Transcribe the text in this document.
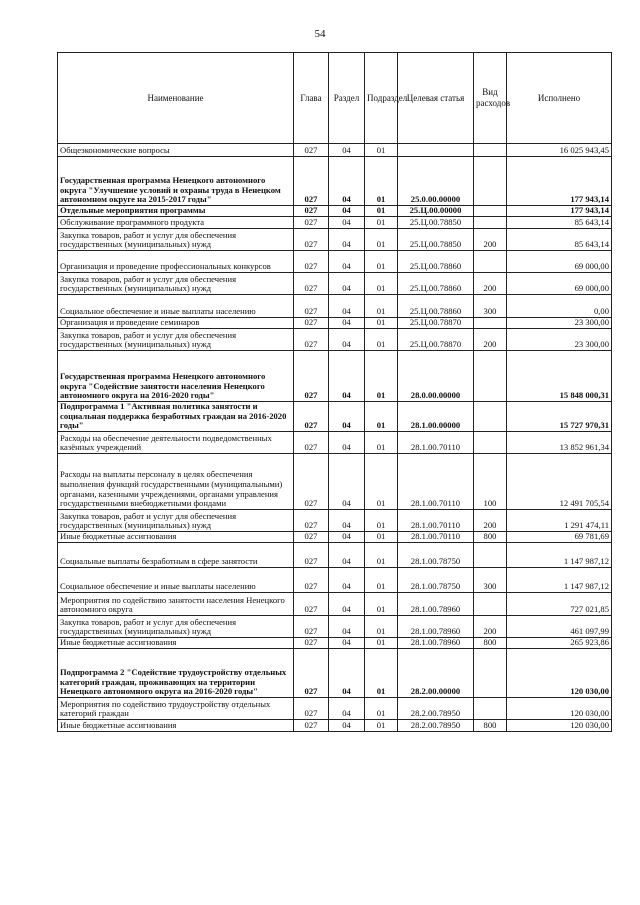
54
Наименование	Глава	Раздел	Подраздел	Целевая статья	Вид расходов	Исполнено
Общеэкономические вопросы	027	04	01			16 025 943,45
Государственная программа Ненецкого автономного округа "Улучшение условий и охраны труда в Ненецком автономном округе на 2015-2017 годы"	027	04	01	25.0.00.00000		177 943,14
Отдельные мероприятия программы	027	04	01	25.Ц.00.00000		177 943,14
Обслуживание программного продукта	027	04	01	25.Ц.00.78850		85 643,14
Закупка товаров, работ и услуг для обеспечения государственных (муниципальных) нужд	027	04	01	25.Ц.00.78850	200	85 643,14
Организация и проведение профессиональных конкурсов	027	04	01	25.Ц.00.78860		69 000,00
Закупка товаров, работ и услуг для обеспечения государственных (муниципальных) нужд	027	04	01	25.Ц.00.78860	200	69 000,00
Социальное обеспечение и иные выплаты населению	027	04	01	25.Ц.00.78860	300	0,00
Организация и проведение семинаров	027	04	01	25.Ц.00.78870		23 300,00
Закупка товаров, работ и услуг для обеспечения государственных (муниципальных) нужд	027	04	01	25.Ц.00.78870	200	23 300,00
Государственная программа Ненецкого автономного округа "Содействие занятости населения Ненецкого автономного округа на 2016-2020 годы"	027	04	01	28.0.00.00000		15 848 000,31
Подпрограмма 1 "Активная политика занятости и социальная поддержка безработных граждан на 2016-2020 годы"	027	04	01	28.1.00.00000		15 727 970,31
Расходы на обеспечение деятельности подведомственных казённых учреждений	027	04	01	28.1.00.70110		13 852 961,34
Расходы на выплаты персоналу в целях обеспечения выполнения функций государственными (муниципальными) органами, казенными учреждениями, органами управления государственными внебюджетными фондами	027	04	01	28.1.00.70110	100	12 491 705,54
Закупка товаров, работ и услуг для обеспечения государственных (муниципальных) нужд	027	04	01	28.1.00.70110	200	1 291 474,11
Иные бюджетные ассигнования	027	04	01	28.1.00.70110	800	69 781,69
Социальные выплаты безработным в сфере занятости	027	04	01	28.1.00.78750		1 147 987,12
Социальное обеспечение и иные выплаты населению	027	04	01	28.1.00.78750	300	1 147 987,12
Мероприятия по содействию занятости населения Ненецкого автономного округа	027	04	01	28.1.00.78960		727 021,85
Закупка товаров, работ и услуг для обеспечения государственных (муниципальных) нужд	027	04	01	28.1.00.78960	200	461 097,99
Иные бюджетные ассигнования	027	04	01	28.1.00.78960	800	265 923,86
Подпрограмма 2 "Содействие трудоустройству отдельных категорий граждан, проживающих на территории Ненецкого автономного округа на 2016-2020 годы"	027	04	01	28.2.00.00000		120 030,00
Мероприятия по содействию трудоустройству отдельных категорий граждан	027	04	01	28.2.00.78950		120 030,00
Иные бюджетные ассигнования	027	04	01	28.2.00.78950	800	120 030,00
